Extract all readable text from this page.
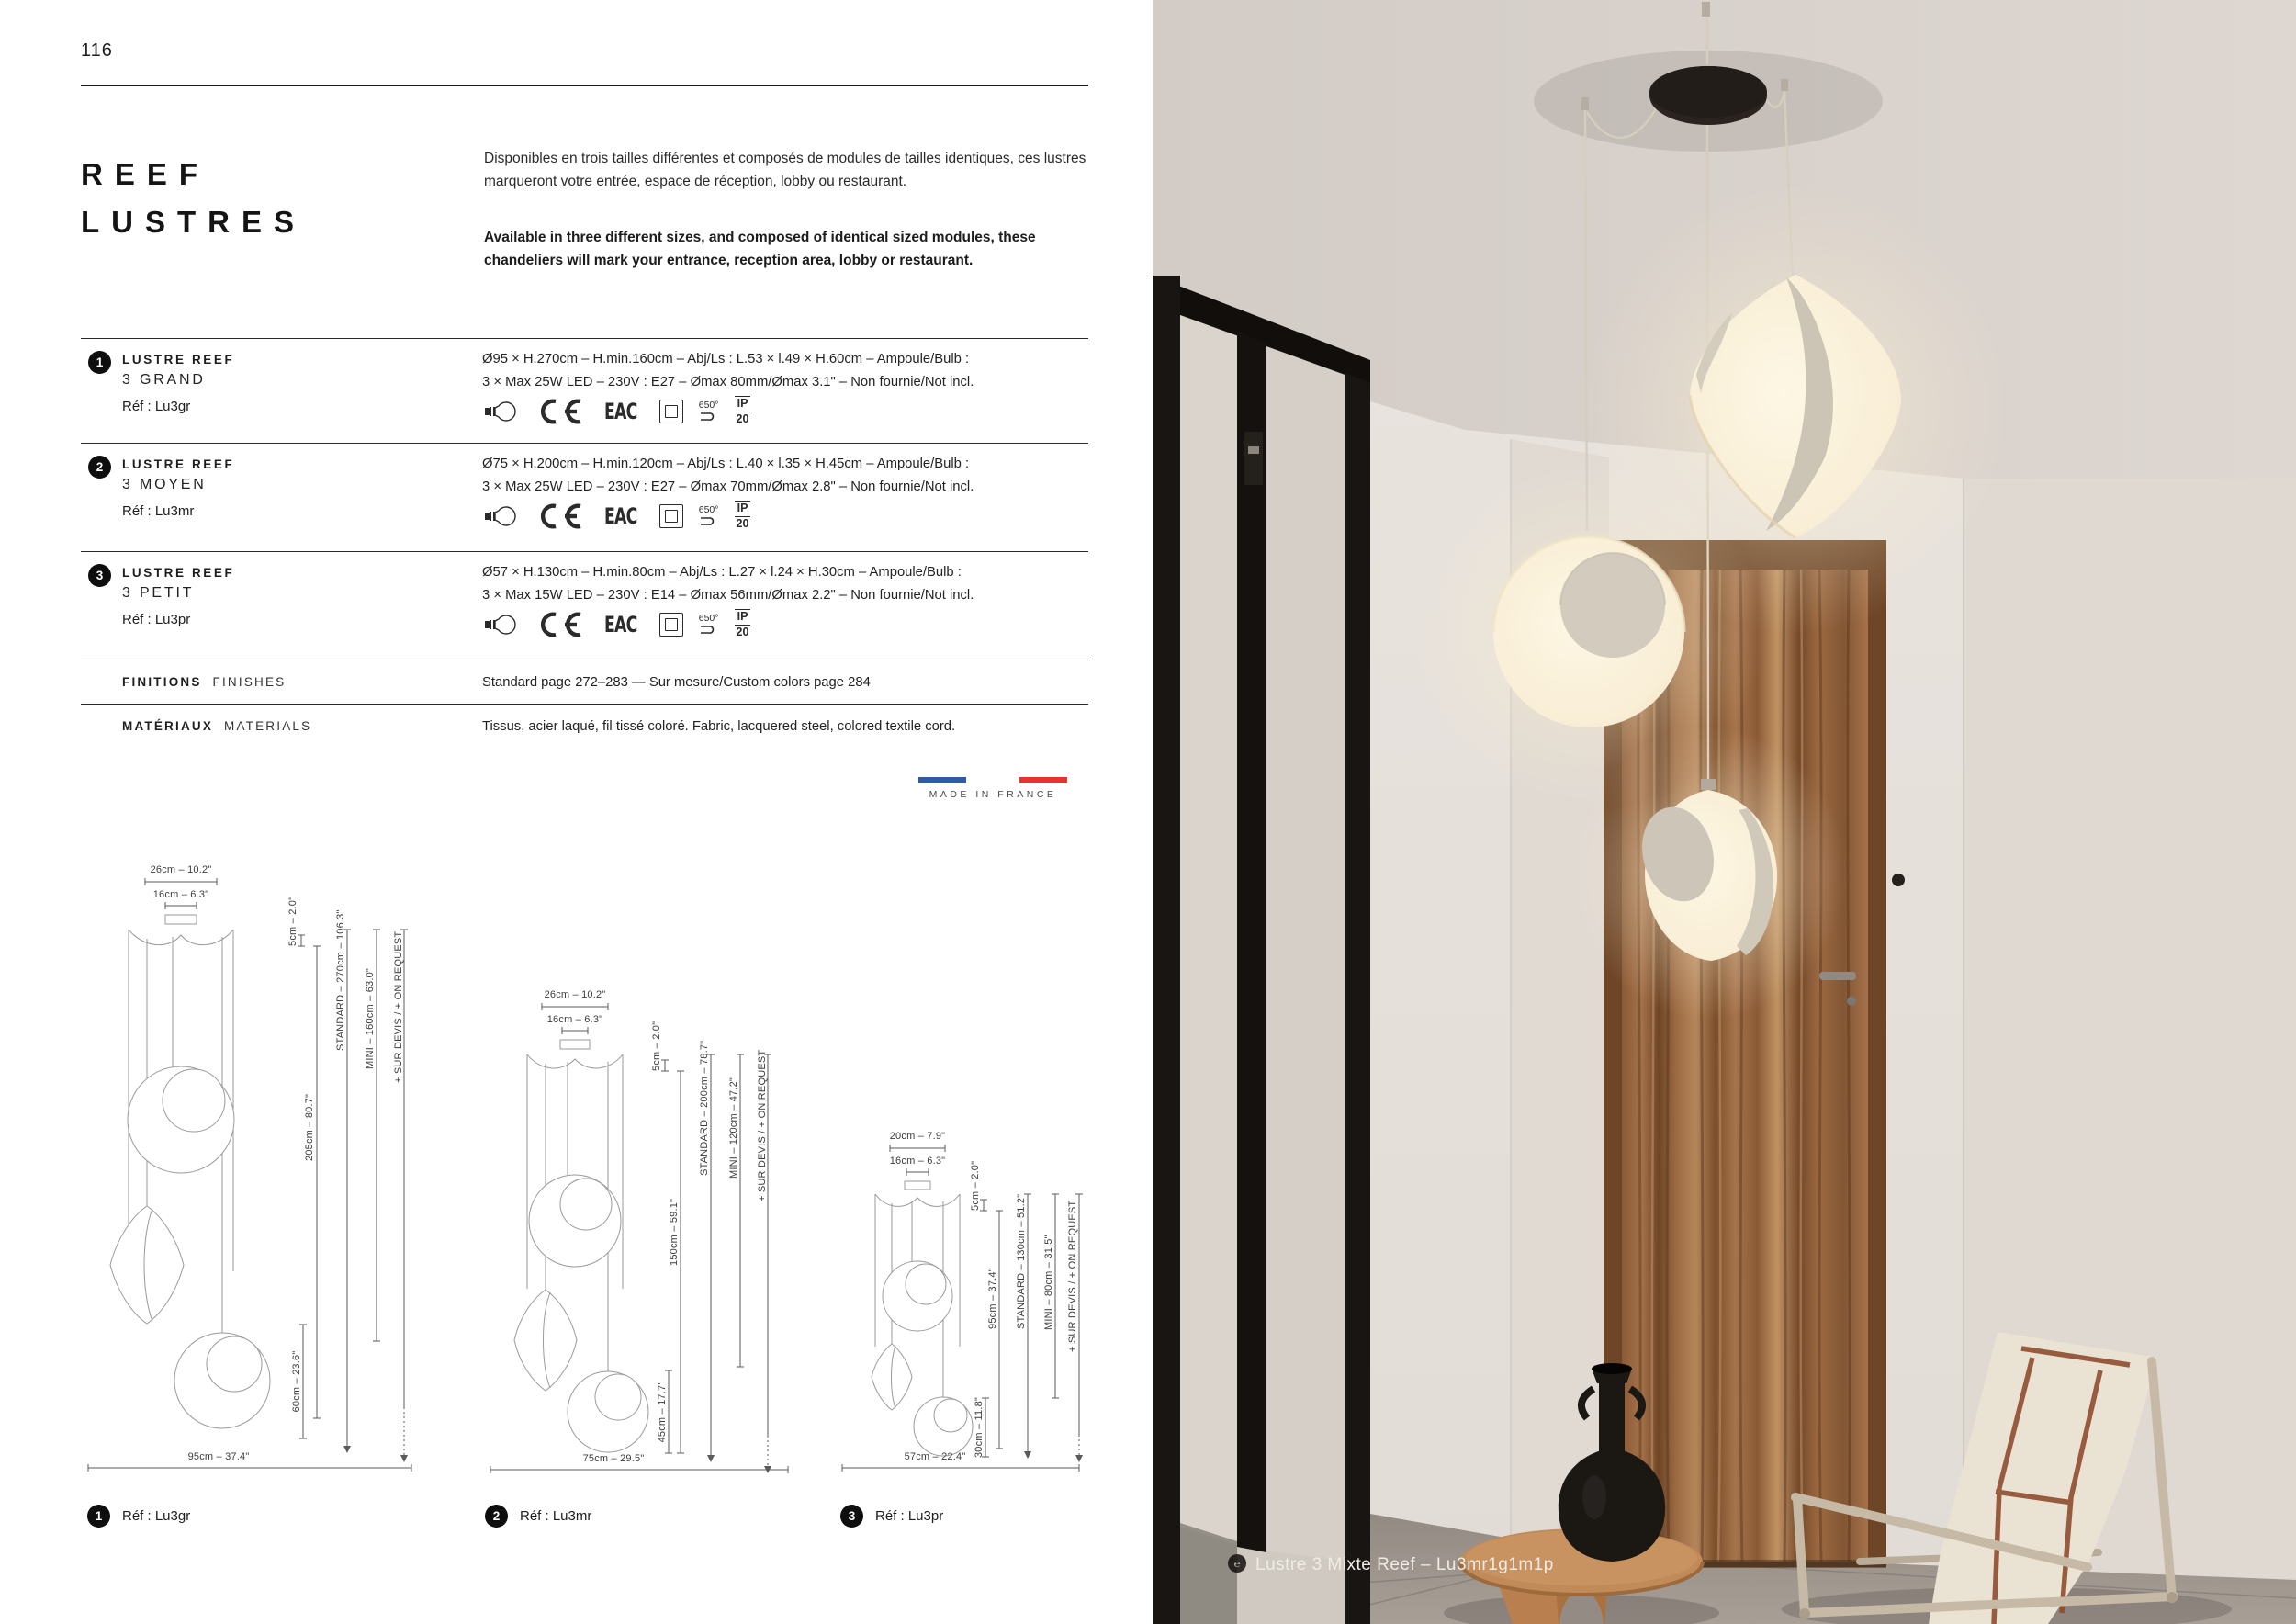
116
REEF
LUSTRES
Disponibles en trois tailles différentes et composés de modules de tailles identiques, ces lustres marqueront votre entrée, espace de réception, lobby ou restaurant.
Available in three different sizes, and composed of identical sized modules, these chandeliers will mark your entrance, reception area, lobby or restaurant.
1	LUSTRE REEF
3 GRAND
Réf : Lu3gr
Ø95 × H.270cm – H.min.160cm – Abj/Ls : L.53 × l.49 × H.60cm – Ampoule/Bulb :
3 × Max 25W LED – 230V : E27 – Ømax 80mm/Ømax 3.1" – Non fournie/Not incl.
EAC	650° IP
20
2	LUSTRE REEF
3 MOYEN
Réf : Lu3mr
Ø75 × H.200cm – H.min.120cm – Abj/Ls : L.40 × l.35 × H.45cm – Ampoule/Bulb :
3 × Max 25W LED – 230V : E27 – Ømax 70mm/Ømax 2.8" – Non fournie/Not incl.
EAC	650° IP
20
3	LUSTRE REEF
3 PETIT
Réf : Lu3pr
Ø57 × H.130cm – H.min.80cm – Abj/Ls : L.27 × l.24 × H.30cm – Ampoule/Bulb :
3 × Max 15W LED – 230V : E14 – Ømax 56mm/Ømax 2.2" – Non fournie/Not incl.
EAC	650° IP
20
FINITIONS FINISHES	Standard page 272–283 — Sur mesure/Custom colors page 284
MATÉRIAUX MATERIALS	Tissus, acier laqué, fil tissé coloré. Fabric, lacquered steel, colored textile cord.
MADE IN FRANCE
26cm – 10.2"
16cm – 6.3"
5cm – 2.0"
205cm – 80.7"
STANDARD – 270cm – 106.3" MINI – 160cm – 63.0" + SUR DEVIS / + ON REQUEST
60cm – 23.6"
95cm – 37.4"
26cm – 10.2"
16cm – 6.3"
5cm – 2.0"
150cm – 59.1"
STANDARD – 200cm – 78.7" MINI – 120cm – 47.2" + SUR DEVIS / + ON REQUEST
45cm – 17.7"
75cm – 29.5"
20cm – 7.9"
16cm – 6.3" 5cm – 2.0"
95cm – 37.4" STANDARD – 130cm – 51.2" MINI – 80cm – 31.5" + SUR DEVIS / + ON REQUEST
30cm – 11.8"
57cm – 22.4"
1	Réf : Lu3gr	2	Réf : Lu3mr	3	Réf : Lu3pr
℮ Lustre 3 Mixte Reef – Lu3mr1g1m1p
